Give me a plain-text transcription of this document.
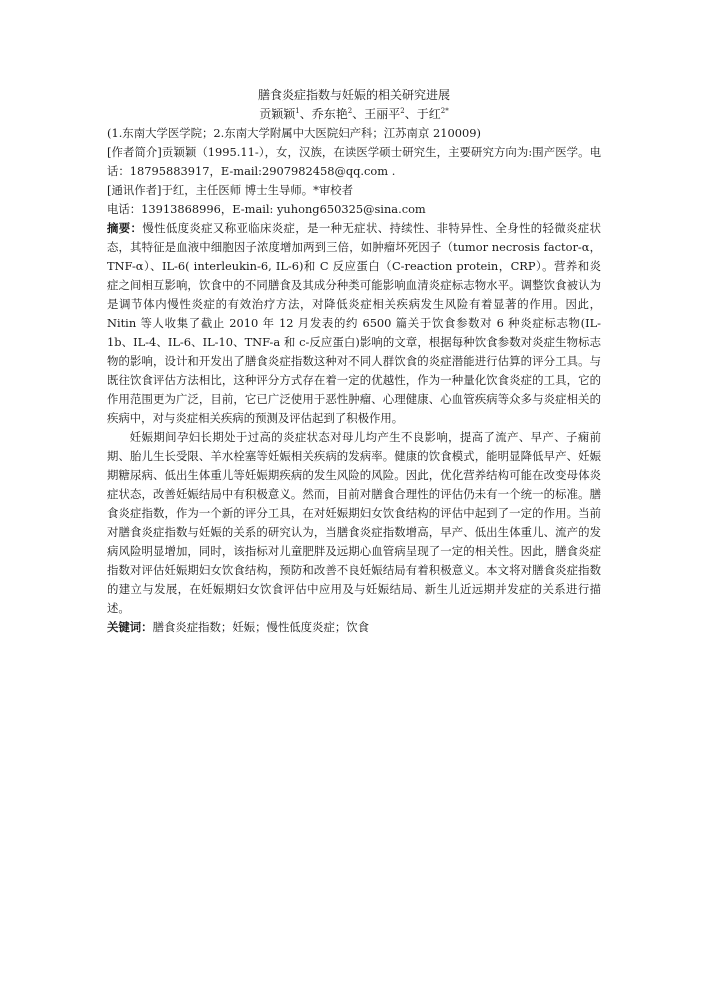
膳食炎症指数与妊娠的相关研究进展

贡颖颖$^1$、乔东艳$^2$、王丽平$^2$、于红$^{2*}$

(1.东南大学医学院；2.东南大学附属中大医院妇产科；江苏南京 210009)

[作者简介]贡颖颖（1995.11-），女，汉族，在读医学硕士研究生，主要研究方向为:围产医学。电话：18795883917，E-mail:2907982458@qq.com .

[通讯作者]于红，主任医师 博士生导师。*审校者

电话：13913868996，E-mail: yuhong650325@sina.com

摘要：慢性低度炎症又称亚临床炎症，是一种无症状、持续性、非特异性、全身性的轻微炎症状态，其特征是血液中细胞因子浓度增加两到三倍，如肿瘤坏死因子（tumor necrosis factor-α，TNF-α）、IL-6( interleukin-6, IL-6)和 C 反应蛋白（C-reaction protein，CRP）。营养和炎症之间相互影响，饮食中的不同膳食及其成分种类可能影响血清炎症标志物水平。调整饮食被认为是调节体内慢性炎症的有效治疗方法，对降低炎症相关疾病发生风险有着显著的作用。因此，Nitin 等人收集了截止 2010 年 12 月发表的约 6500 篇关于饮食参数对 6 种炎症标志物(IL-1b、IL-4、IL-6、IL-10、TNF-a 和 c-反应蛋白)影响的文章，根据每种饮食参数对炎症生物标志物的影响，设计和开发出了膳食炎症指数这种对不同人群饮食的炎症潜能进行估算的评分工具。与既往饮食评估方法相比，这种评分方式存在着一定的优越性，作为一种量化饮食炎症的工具，它的作用范围更为广泛，目前，它已广泛使用于恶性肿瘤、心理健康、心血管疾病等众多与炎症相关的疾病中，对与炎症相关疾病的预测及评估起到了积极作用。

妊娠期间孕妇长期处于过高的炎症状态对母儿均产生不良影响，提高了流产、早产、子痫前期、胎儿生长受限、羊水栓塞等妊娠相关疾病的发病率。健康的饮食模式，能明显降低早产、妊娠期糖尿病、低出生体重儿等妊娠期疾病的发生风险的风险。因此，优化营养结构可能在改变母体炎症状态，改善妊娠结局中有积极意义。然而，目前对膳食合理性的评估仍未有一个统一的标准。膳食炎症指数，作为一个新的评分工具，在对妊娠期妇女饮食结构的评估中起到了一定的作用。当前对膳食炎症指数与妊娠的关系的研究认为，当膳食炎症指数增高，早产、低出生体重儿、流产的发病风险明显增加，同时，该指标对儿童肥胖及远期心血管病呈现了一定的相关性。因此，膳食炎症指数对评估妊娠期妇女饮食结构，预防和改善不良妊娠结局有着积极意义。本文将对膳食炎症指数的建立与发展，在妊娠期妇女饮食评估中应用及与妊娠结局、新生儿近远期并发症的关系进行描述。

关键词：膳食炎症指数；妊娠；慢性低度炎症；饮食
